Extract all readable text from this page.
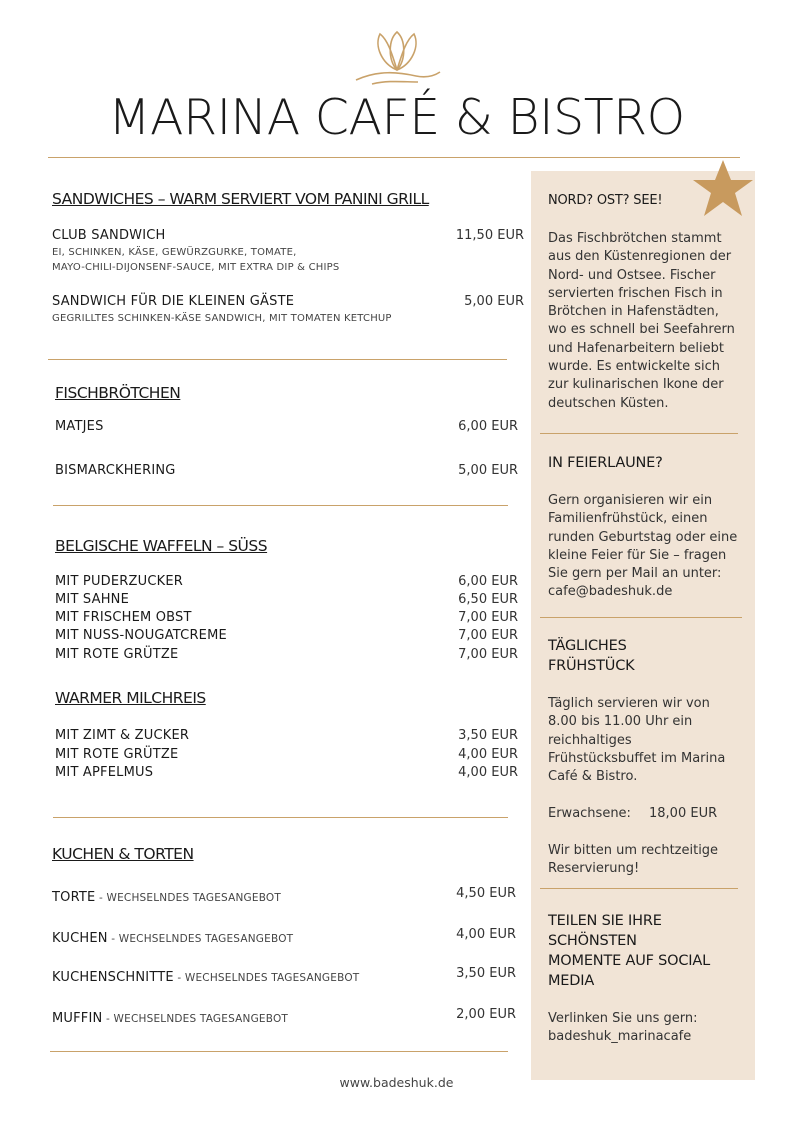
MARINA CAFÉ & BISTRO
SANDWICHES – WARM SERVIERT VOM PANINI GRILL
CLUB SANDWICH	11,50 EUR
EI, SCHINKEN, KÄSE, GEWÜRZGURKE, TOMATE,
MAYO-CHILI-DIJONSENF-SAUCE, MIT EXTRA DIP & CHIPS
SANDWICH FÜR DIE KLEINEN GÄSTE	5,00 EUR
GEGRILLTES SCHINKEN-KÄSE SANDWICH, MIT TOMATEN KETCHUP
FISCHBRÖTCHEN
MATJES	6,00 EUR
BISMARCKHERING	5,00 EUR
BELGISCHE WAFFELN – SÜSS
MIT PUDERZUCKER	6,00 EUR
MIT SAHNE	6,50 EUR
MIT FRISCHEM OBST	7,00 EUR
MIT NUSS-NOUGATCREME	7,00 EUR
MIT ROTE GRÜTZE	7,00 EUR
WARMER MILCHREIS
MIT ZIMT & ZUCKER	3,50 EUR
MIT ROTE GRÜTZE	4,00 EUR
MIT APFELMUS	4,00 EUR
KUCHEN & TORTEN
TORTE - WECHSELNDES TAGESANGEBOT	4,50 EUR
KUCHEN - WECHSELNDES TAGESANGEBOT	4,00 EUR
KUCHENSCHNITTE - WECHSELNDES TAGESANGEBOT	3,50 EUR
MUFFIN - WECHSELNDES TAGESANGEBOT	2,00 EUR
NORD? OST? SEE!
Das Fischbrötchen stammt
aus den Küstenregionen der
Nord- und Ostsee. Fischer
servierten frischen Fisch in
Brötchen in Hafenstädten,
wo es schnell bei Seefahrern
und Hafenarbeitern beliebt
wurde. Es entwickelte sich
zur kulinarischen Ikone der
deutschen Küsten.
IN FEIERLAUNE?
Gern organisieren wir ein
Familienfrühstück, einen
runden Geburtstag oder eine
kleine Feier für Sie – fragen
Sie gern per Mail an unter:
cafe@badeshuk.de
TÄGLICHES
FRÜHSTÜCK
Täglich servieren wir von
8.00 bis 11.00 Uhr ein
reichhaltiges
Frühstücksbuffet im Marina
Café & Bistro.
Erwachsene: 18,00 EUR
Wir bitten um rechtzeitige
Reservierung!
TEILEN SIE IHRE
SCHÖNSTEN
MOMENTE AUF SOCIAL
MEDIA
Verlinken Sie uns gern:
badeshuk_marinacafe
www.badeshuk.de
